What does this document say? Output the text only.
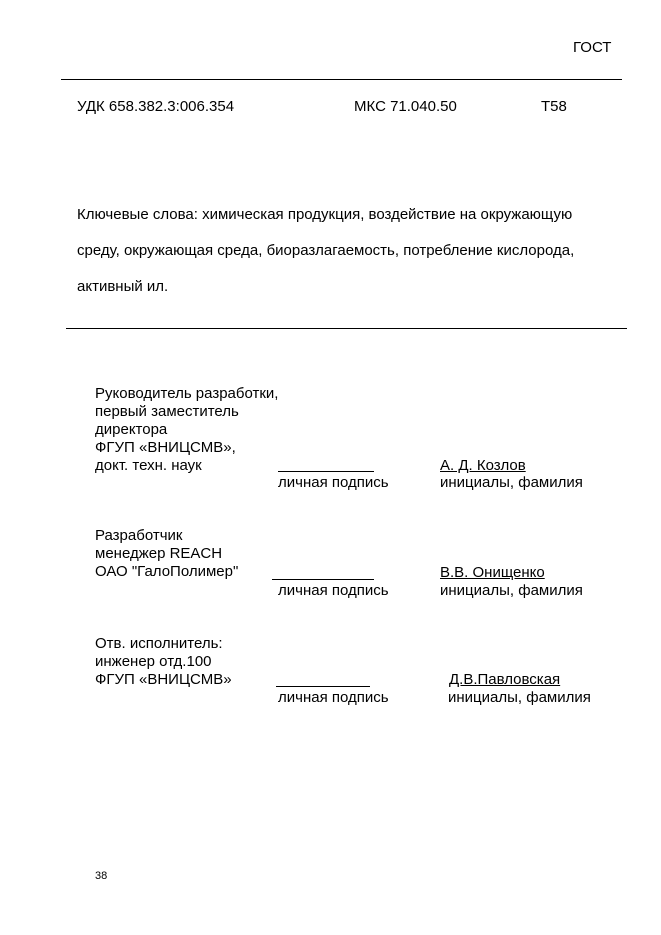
ГОСТ
УДК 658.382.3:006.354	МКС 71.040.50	Т58
Ключевые слова: химическая продукция, воздействие на окружающую
среду, окружающая среда, биоразлагаемость, потребление кислорода,
активный ил.
Руководитель разработки,
первый заместитель
директора
ФГУП «ВНИЦСМВ»,
докт. техн. наук
личная подпись
А. Д. Козлов
инициалы, фамилия
Разработчик
менеджер REACH
ОАО "ГалоПолимер"
личная подпись
В.В. Онищенко
инициалы, фамилия
Отв. исполнитель:
инженер отд.100
ФГУП «ВНИЦСМВ»
личная подпись
Д.В.Павловская
инициалы, фамилия
38
